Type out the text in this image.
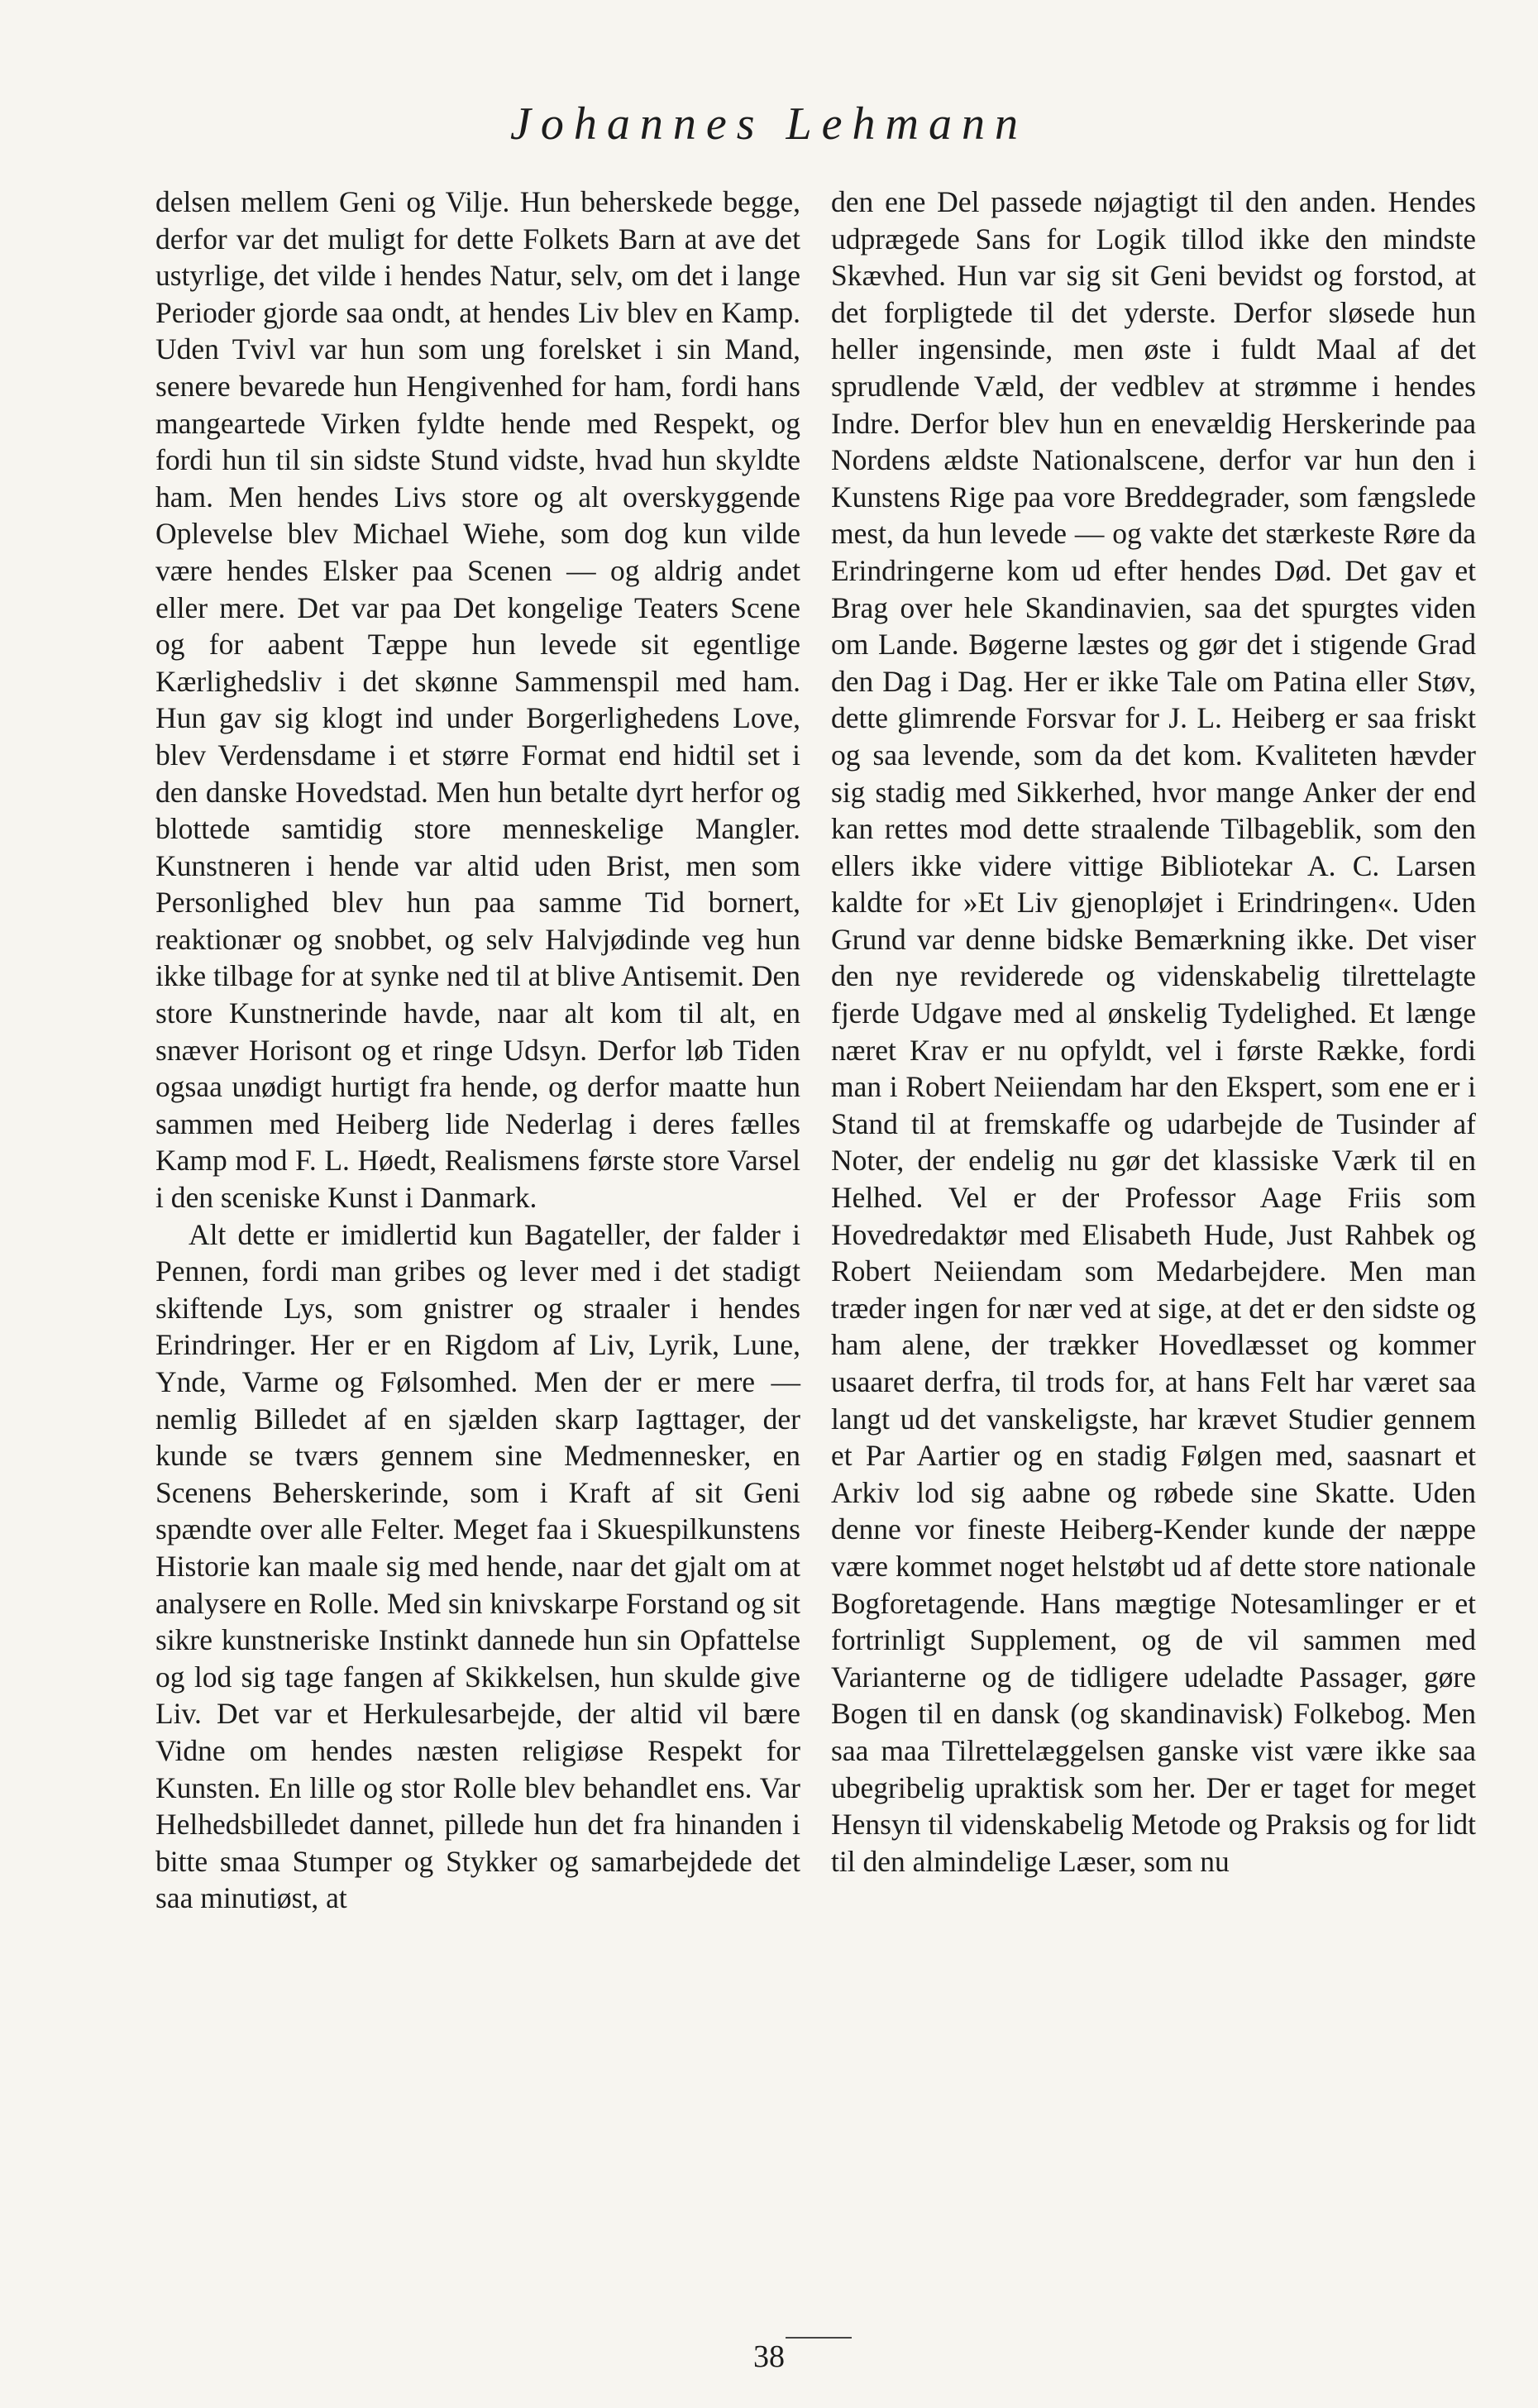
Johannes Lehmann

delsen mellem Geni og Vilje. Hun beherskede begge, derfor var det muligt for dette Folkets Barn at ave det ustyrlige, det vilde i hendes Natur, selv, om det i lange Perioder gjorde saa ondt, at hendes Liv blev en Kamp. Uden Tvivl var hun som ung forelsket i sin Mand, senere bevarede hun Hengivenhed for ham, fordi hans mangeartede Virken fyldte hende med Respekt, og fordi hun til sin sidste Stund vidste, hvad hun skyldte ham. Men hendes Livs store og alt overskyggende Oplevelse blev Michael Wiehe, som dog kun vilde være hendes Elsker paa Scenen — og aldrig andet eller mere. Det var paa Det kongelige Teaters Scene og for aabent Tæppe hun levede sit egentlige Kærlighedsliv i det skønne Sammenspil med ham. Hun gav sig klogt ind under Borgerlighedens Love, blev Verdensdame i et større Format end hidtil set i den danske Hovedstad. Men hun betalte dyrt herfor og blottede samtidig store menneskelige Mangler. Kunstneren i hende var altid uden Brist, men som Personlighed blev hun paa samme Tid bornert, reaktionær og snobbet, og selv Halvjødinde veg hun ikke tilbage for at synke ned til at blive Antisemit. Den store Kunstnerinde havde, naar alt kom til alt, en snæver Horisont og et ringe Udsyn. Derfor løb Tiden ogsaa unødigt hurtigt fra hende, og derfor maatte hun sammen med Heiberg lide Nederlag i deres fælles Kamp mod F. L. Høedt, Realismens første store Varsel i den sceniske Kunst i Danmark.

Alt dette er imidlertid kun Bagateller, der falder i Pennen, fordi man gribes og lever med i det stadigt skiftende Lys, som gnistrer og straaler i hendes Erindringer. Her er en Rigdom af Liv, Lyrik, Lune, Ynde, Varme og Følsomhed. Men der er mere — nemlig Billedet af en sjælden skarp Iagttager, der kunde se tværs gennem sine Medmennesker, en Scenens Beherskerinde, som i Kraft af sit Geni spændte over alle Felter. Meget faa i Skuespilkunstens Historie kan maale sig med hende, naar det gjalt om at analysere en Rolle. Med sin knivskarpe Forstand og sit sikre kunstneriske Instinkt dannede hun sin Opfattelse og lod sig tage fangen af Skikkelsen, hun skulde give Liv. Det var et Herkulesarbejde, der altid vil bære Vidne om hendes næsten religiøse Respekt for Kunsten. En lille og stor Rolle blev behandlet ens. Var Helhedsbilledet dannet, pillede hun det fra hinanden i bitte smaa Stumper og Stykker og samarbejdede det saa minutiøst, at

den ene Del passede nøjagtigt til den anden. Hendes udprægede Sans for Logik tillod ikke den mindste Skævhed. Hun var sig sit Geni bevidst og forstod, at det forpligtede til det yderste. Derfor sløsede hun heller ingensinde, men øste i fuldt Maal af det sprudlende Væld, der vedblev at strømme i hendes Indre. Derfor blev hun en enevældig Herskerinde paa Nordens ældste Nationalscene, derfor var hun den i Kunstens Rige paa vore Breddegrader, som fængslede mest, da hun levede — og vakte det stærkeste Røre da Erindringerne kom ud efter hendes Død. Det gav et Brag over hele Skandinavien, saa det spurgtes viden om Lande. Bøgerne læstes og gør det i stigende Grad den Dag i Dag. Her er ikke Tale om Patina eller Støv, dette glimrende Forsvar for J. L. Heiberg er saa friskt og saa levende, som da det kom. Kvaliteten hævder sig stadig med Sikkerhed, hvor mange Anker der end kan rettes mod dette straalende Tilbageblik, som den ellers ikke videre vittige Bibliotekar A. C. Larsen kaldte for »Et Liv gjenopløjet i Erindringen«. Uden Grund var denne bidske Bemærkning ikke. Det viser den nye reviderede og videnskabelig tilrettelagte fjerde Udgave med al ønskelig Tydelighed. Et længe næret Krav er nu opfyldt, vel i første Række, fordi man i Robert Neiiendam har den Ekspert, som ene er i Stand til at fremskaffe og udarbejde de Tusinder af Noter, der endelig nu gør det klassiske Værk til en Helhed. Vel er der Professor Aage Friis som Hovedredaktør med Elisabeth Hude, Just Rahbek og Robert Neiiendam som Medarbejdere. Men man træder ingen for nær ved at sige, at det er den sidste og ham alene, der trækker Hovedlæsset og kommer usaaret derfra, til trods for, at hans Felt har været saa langt ud det vanskeligste, har krævet Studier gennem et Par Aartier og en stadig Følgen med, saasnart et Arkiv lod sig aabne og røbede sine Skatte. Uden denne vor fineste Heiberg-Kender kunde der næppe være kommet noget helstøbt ud af dette store nationale Bogforetagende. Hans mægtige Notesamlinger er et fortrinligt Supplement, og de vil sammen med Varianterne og de tidligere udeladte Passager, gøre Bogen til en dansk (og skandinavisk) Folkebog. Men saa maa Tilrettelæggelsen ganske vist være ikke saa ubegribelig upraktisk som her. Der er taget for meget Hensyn til videnskabelig Metode og Praksis og for lidt til den almindelige Læser, som nu

38
